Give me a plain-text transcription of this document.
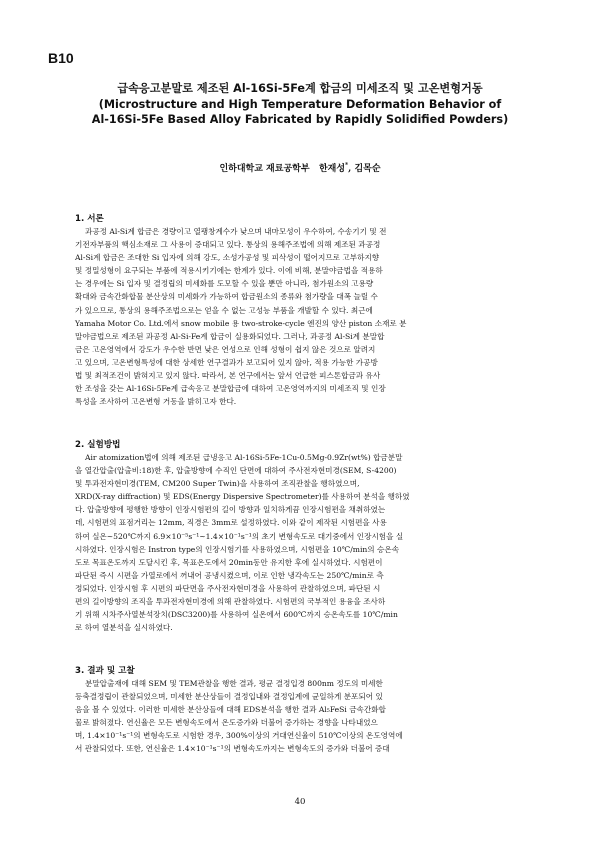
B10
급속응고분말로 제조된 Al-16Si-5Fe계 합금의 미세조직 및 고온변형거동
(Microstructure and High Temperature Deformation Behavior of
Al-16Si-5Fe Based Alloy Fabricated by Rapidly Solidified Powders)
인하대학교 재료공학부 한재성*, 김목순
1. 서론
과공정 Al-Si계 합금은 경량이고 열팽창계수가 낮으며 내마모성이 우수하여, 수송기기 및 전
기전자부품의 핵심소재로 그 사용이 증대되고 있다. 통상의 용해주조법에 의해 제조된 과공정
Al-Si계 합금은 조대한 Si 입자에 의해 강도, 소성가공성 및 피삭성이 떨어지므로 고부하지향
및 정밀성형이 요구되는 부품에 적용시키기에는 한계가 있다. 이에 비해, 분말야금법을 적용하
는 경우에는 Si 입자 및 결정립의 미세화를 도모할 수 있을 뿐만 아니라, 첨가원소의 고용량
확대와 금속간화합물 분산상의 미세화가 가능하여 합금원소의 종류와 첨가량을 대폭 늘릴 수
가 있으므로, 통상의 용해주조법으로는 얻을 수 없는 고성능 부품을 개발할 수 있다. 최근에
Yamaha Motor Co. Ltd.에서 snow mobile 용 two-stroke-cycle 엔진의 양산 piston 소재로 분
말야금법으로 제조된 과공정 Al-Si-Fe계 합금이 실용화되었다. 그러나, 과공정 Al-Si계 분말합
금은 고온영역에서 강도가 우수한 반면 낮은 연성으로 인해 성형이 쉽지 않은 것으로 알려지
고 있으며, 고온변형특성에 대한 상세한 연구결과가 보고되어 있지 않아, 적용 가능한 가공방
법 및 최적조건이 밝혀지고 있지 않다. 따라서, 본 연구에서는 앞서 언급한 피스톤합금과 유사
한 조성을 갖는 Al-16Si-5Fe계 급속응고 분말합금에 대하여 고온영역까지의 미세조직 및 인장
특성을 조사하여 고온변형 거동을 밝히고자 한다.
2. 실험방법
Air atomization법에 의해 제조된 급냉응고 Al-16Si-5Fe-1Cu-0.5Mg-0.9Zr(wt%) 합금분말
을 열간압출(압출비:18)한 후, 압출방향에 수직인 단면에 대하여 주사전자현미경(SEM, S-4200)
및 투과전자현미경(TEM, CM200 Super Twin)을 사용하여 조직관찰을 행하였으며,
XRD(X-ray diffraction) 및 EDS(Energy Dispersive Spectrometer)를 사용하여 분석을 행하였
다. 압출방향에 평행한 방향이 인장시험편의 길이 방향과 일치하게끔 인장시험편을 채취하였는
데, 시험편의 표점거리는 12mm, 직경은 3mm로 설정하였다. 이와 같이 제작된 시험편을 사용
하여 실온~520℃까지 6.9×10⁻⁵s⁻¹~1.4×10⁻¹s⁻¹의 초기 변형속도로 대기중에서 인장시험을 실
시하였다. 인장시험은 Instron type의 인장시험기를 사용하였으며, 시험편을 10℃/min의 승온속
도로 목표온도까지 도달시킨 후, 목표온도에서 20min동안 유지한 후에 실시하였다. 시험편이
파단된 즉시 시편을 가열로에서 꺼내어 공냉시켰으며, 이로 인한 냉각속도는 250℃/min로 측
정되었다. 인장시험 후 시편의 파단면을 주사전자현미경을 사용하여 관찰하였으며, 파단된 시
편의 길이방향의 조직을 투과전자현미경에 의해 관찰하였다. 시험편의 국부적인 용융을 조사하
기 위해 시차주사열분석장치(DSC3200)를 사용하여 실온에서 600℃까지 승온속도를 10℃/min
로 하여 열분석을 실시하였다.
3. 결과 및 고찰
분말압출재에 대해 SEM 및 TEM관찰을 행한 결과, 평균 결정입경 800nm 정도의 미세한
등축결정립이 관찰되었으며, 미세한 분산상들이 결정입내와 결정입계에 균일하게 분포되어 있
음을 볼 수 있었다. 이러한 미세한 분산상들에 대해 EDS분석을 행한 결과 Al₅FeSi 금속간화합
물로 밝혀졌다. 연신율은 모든 변형속도에서 온도증가와 더불어 증가하는 경향을 나타내었으
며, 1.4×10⁻¹s⁻¹의 변형속도로 시험한 경우, 300%이상의 거대연신율이 510℃이상의 온도영역에
서 관찰되었다. 또한, 연신율은 1.4×10⁻¹s⁻¹의 변형속도까지는 변형속도의 증가와 더불어 증대
40
